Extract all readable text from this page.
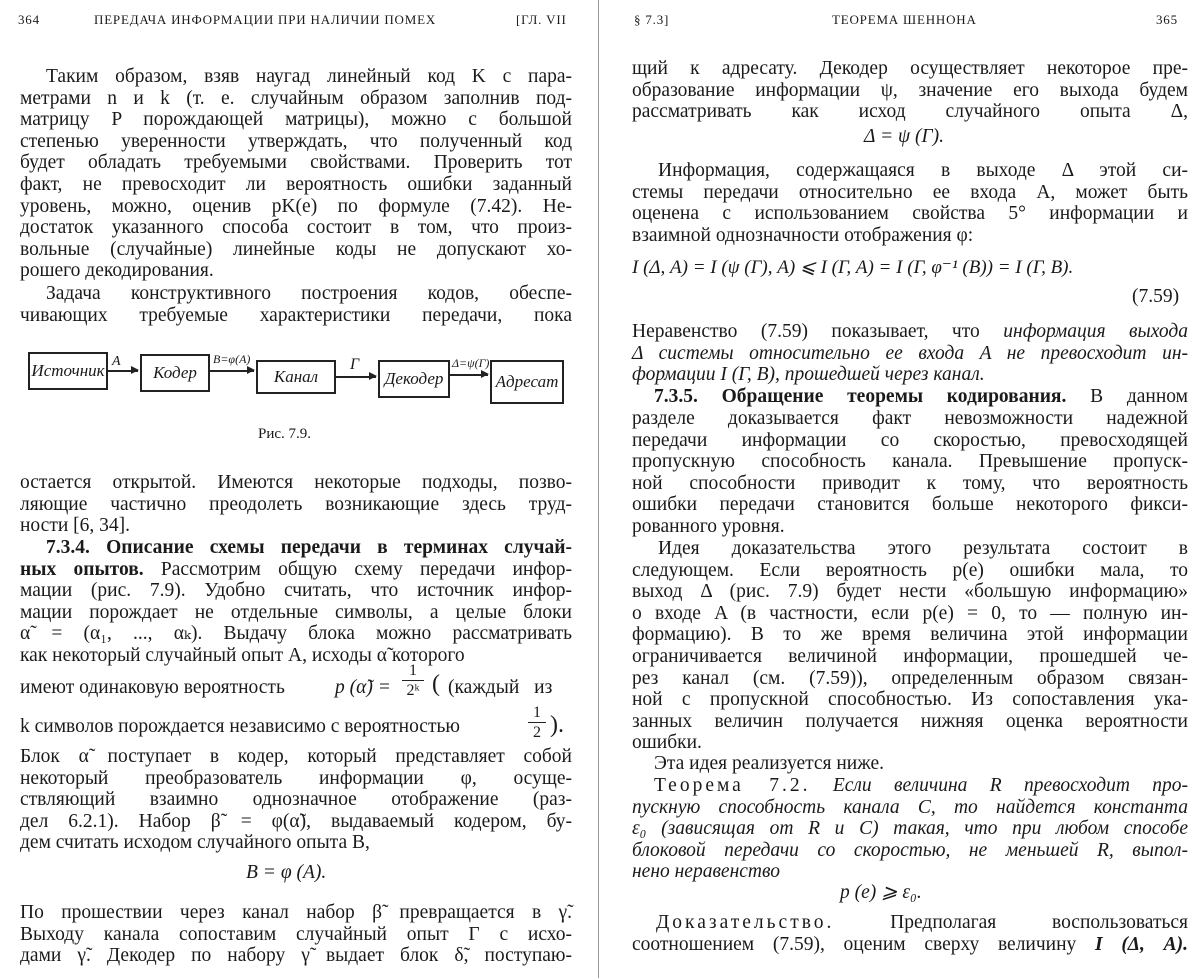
364	ПЕРЕДАЧА ИНФОРМАЦИИ ПРИ НАЛИЧИИ ПОМЕХ	[ГЛ. VII
Таким образом, взяв наугад линейный код K с пара-
метрами n и k (т. е. случайным образом заполнив под-
матрицу P порождающей матрицы), можно с большой
степенью уверенности утверждать, что полученный код
будет обладать требуемыми свойствами. Проверить тот
факт, не превосходит ли вероятность ошибки заданный
уровень, можно, оценив pK(e) по формуле (7.42). Не-
достаток указанного способа состоит в том, что произ-
вольные (случайные) линейные коды не допускают хо-
рошего декодирования.
Задача конструктивного построения кодов, обеспе-
чивающих требуемые характеристики передачи, пока
Источник A
Кодер
B=φ(A)
Канал
Γ
Декодер
Δ=ψ(Γ)
Адресат
Рис. 7.9.
остается открытой. Имеются некоторые подходы, позво-
ляющие частично преодолеть возникающие здесь труд-
ности [6, 34].
7.3.4. Описание схемы передачи в терминах случай-
ных опытов. Рассмотрим общую схему передачи инфор-
мации (рис. 7.9). Удобно считать, что источник инфор-
мации порождает не отдельные символы, а целые блоки
α̃ = (α₁, ..., αₖ). Выдачу блока можно рассматривать
как некоторый случайный опыт A, исходы α̃ которого
имеют одинаковую вероятность	p (α̃) = $\frac{1}{\text{2ᵏ}}$ ( (каждый из
k символов порождается независимо с вероятностью	$\frac{1}{2}$ ).
Блок α̃ поступает в кодер, который представляет собой
некоторый преобразователь информации φ, осуще-
ствляющий взаимно однозначное отображение (раз-
дел 6.2.1). Набор β̃ = φ(α̃), выдаваемый кодером, бу-
дем считать исходом случайного опыта B,
B = φ (A).
По прошествии через канал набор β̃ превращается в γ̃.
Выходу канала сопоставим случайный опыт Γ с исхо-
дами γ̃. Декодер по набору γ̃ выдает блок δ̃, поступаю-
§ 7.3]	ТЕОРЕМА ШЕННОНА	365
щий к адресату. Декодер осуществляет некоторое пре-
образование информации ψ, значение его выхода будем
рассматривать как исход случайного опыта Δ,
Δ = ψ (Γ).
Информация, содержащаяся в выходе Δ этой си-
стемы передачи относительно ее входа A, может быть
оценена с использованием свойства 5° информации и
взаимной однозначности отображения φ:
I (Δ, A) = I (ψ (Γ), A) ⩽ I (Γ, A) = I (Γ, φ⁻¹ (B)) = I (Γ, B).
(7.59)
Неравенство (7.59) показывает, что информация выхода
Δ системы относительно ее входа A не превосходит ин-
формации I (Γ, B), прошедшей через канал.
7.3.5. Обращение теоремы кодирования. В данном
разделе доказывается факт невозможности надежной
передачи информации со скоростью, превосходящей
пропускную способность канала. Превышение пропуск-
ной способности приводит к тому, что вероятность
ошибки передачи становится больше некоторого фикси-
рованного уровня.
Идея доказательства этого результата состоит в
следующем. Если вероятность p(e) ошибки мала, то
выход Δ (рис. 7.9) будет нести «большую информацию»
о входе A (в частности, если p(e) = 0, то — полную ин-
формацию). В то же время величина этой информации
ограничивается величиной информации, прошедшей че-
рез канал (см. (7.59)), определенным образом связан-
ной с пропускной способностью. Из сопоставления ука-
занных величин получается нижняя оценка вероятности
ошибки.
Эта идея реализуется ниже.
Теорема 7.2. Если величина R превосходит про-
пускную способность канала C, то найдется константа
ε₀ (зависящая от R и C) такая, что при любом способе
блоковой передачи со скоростью, не меньшей R, выпол-
нено неравенство
p (e) ⩾ ε₀.
Доказательство. Предполагая воспользоваться
соотношением (7.59), оценим сверху величину I (Δ, A).
